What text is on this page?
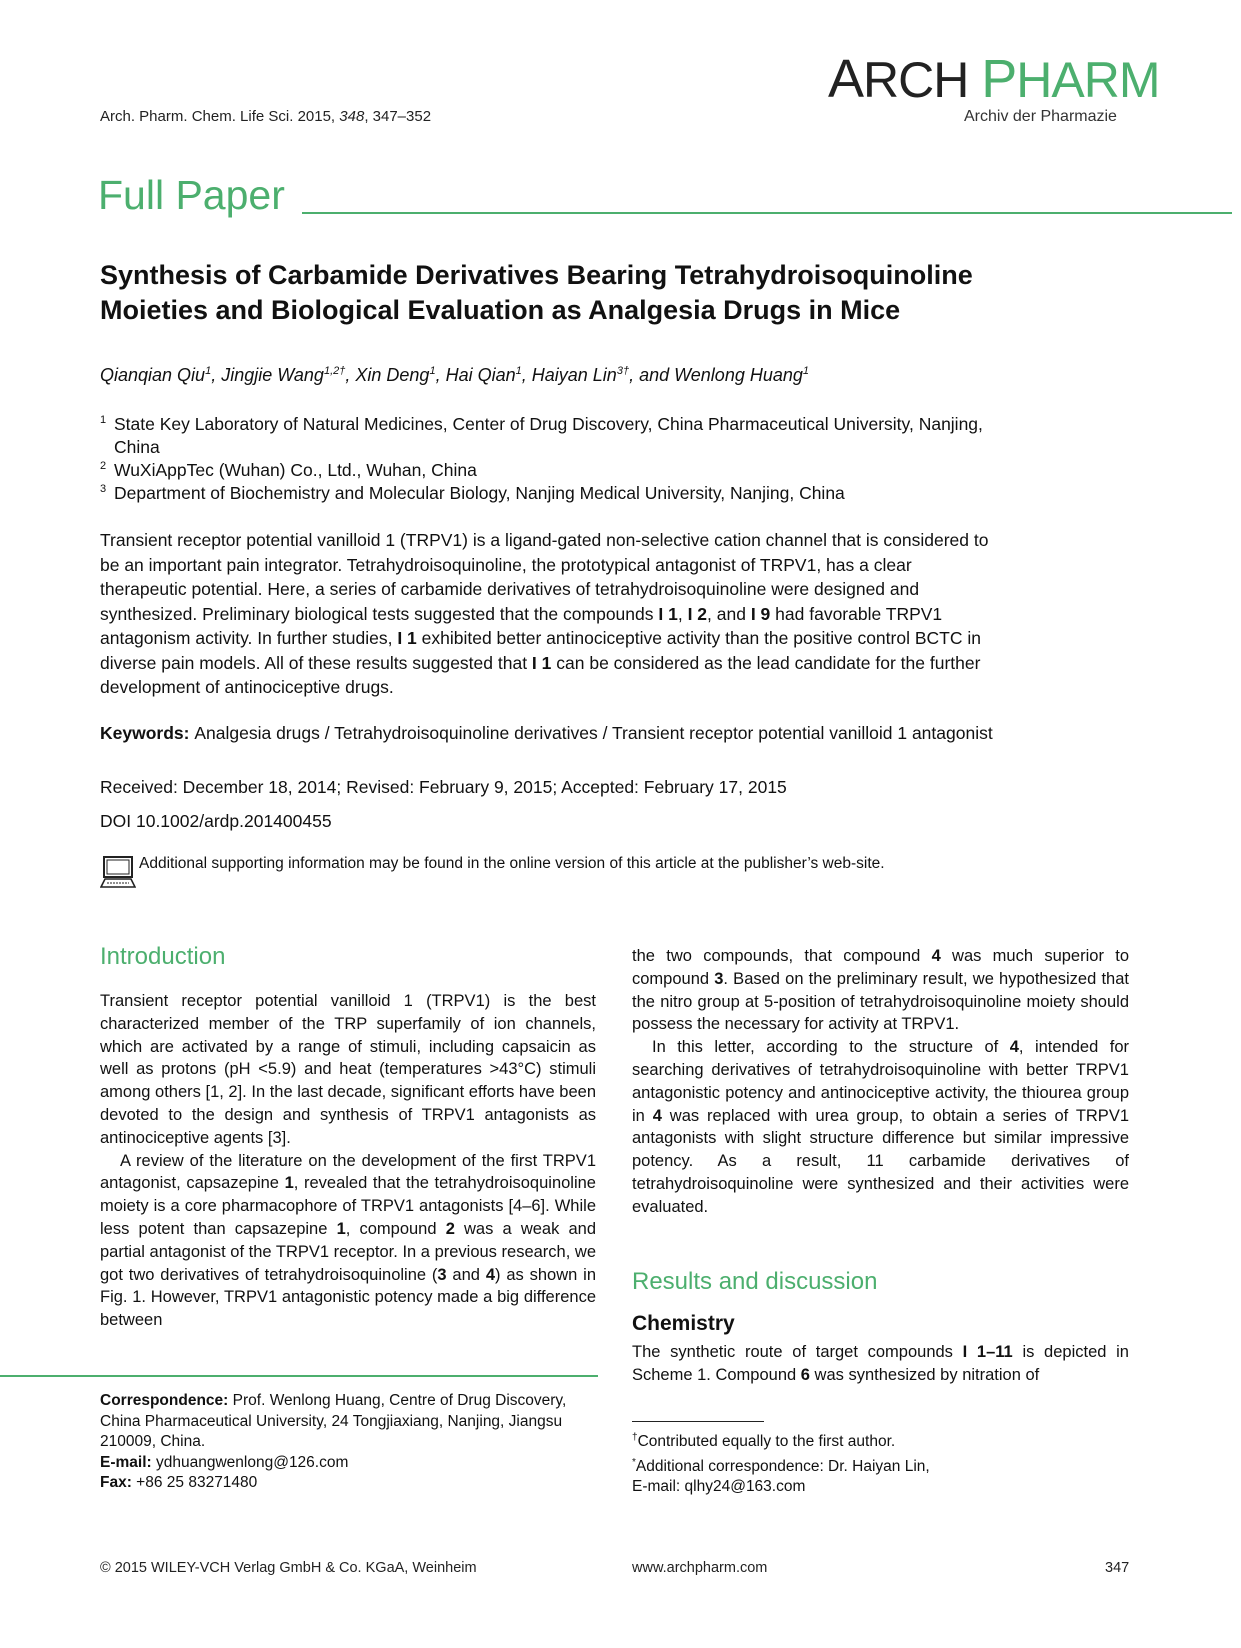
Arch. Pharm. Chem. Life Sci. 2015, 348, 347–352
ARCH PHARM
Archiv der Pharmazie
Full Paper
Synthesis of Carbamide Derivatives Bearing Tetrahydroisoquinoline Moieties and Biological Evaluation as Analgesia Drugs in Mice
Qianqian Qiu$^1$, Jingjie Wang$^{1,2\dagger}$, Xin Deng$^1$, Hai Qian$^1$, Haiyan Lin$^{3\dagger}$, and Wenlong Huang$^1$
1 State Key Laboratory of Natural Medicines, Center of Drug Discovery, China Pharmaceutical University, Nanjing, China
2 WuXiAppTec (Wuhan) Co., Ltd., Wuhan, China
3 Department of Biochemistry and Molecular Biology, Nanjing Medical University, Nanjing, China
Transient receptor potential vanilloid 1 (TRPV1) is a ligand-gated non-selective cation channel that is considered to be an important pain integrator. Tetrahydroisoquinoline, the prototypical antagonist of TRPV1, has a clear therapeutic potential. Here, a series of carbamide derivatives of tetrahydroisoquinoline were designed and synthesized. Preliminary biological tests suggested that the compounds I 1, I 2, and I 9 had favorable TRPV1 antagonism activity. In further studies, I 1 exhibited better antinociceptive activity than the positive control BCTC in diverse pain models. All of these results suggested that I 1 can be considered as the lead candidate for the further development of antinociceptive drugs.
Keywords: Analgesia drugs / Tetrahydroisoquinoline derivatives / Transient receptor potential vanilloid 1 antagonist
Received: December 18, 2014; Revised: February 9, 2015; Accepted: February 17, 2015
DOI 10.1002/ardp.201400455
Additional supporting information may be found in the online version of this article at the publisher’s web-site.
Introduction

Transient receptor potential vanilloid 1 (TRPV1) is the best characterized member of the TRP superfamily of ion channels, which are activated by a range of stimuli, including capsaicin as well as protons (pH <5.9) and heat (temperatures >43°C) stimuli among others [1, 2]. In the last decade, significant efforts have been devoted to the design and synthesis of TRPV1 antagonists as antinociceptive agents [3].

A review of the literature on the development of the first TRPV1 antagonist, capsazepine 1, revealed that the tetrahydroisoquinoline moiety is a core pharmacophore of TRPV1 antagonists [4–6]. While less potent than capsazepine 1, compound 2 was a weak and partial antagonist of the TRPV1 receptor. In a previous research, we got two derivatives of tetrahydroisoquinoline (3 and 4) as shown in Fig. 1. However, TRPV1 antagonistic potency made a big difference between

Correspondence: Prof. Wenlong Huang, Centre of Drug Discovery, China Pharmaceutical University, 24 Tongjiaxiang, Nanjing, Jiangsu 210009, China.
E-mail: ydhuangwenlong@126.com
Fax: +86 25 83271480

the two compounds, that compound 4 was much superior to compound 3. Based on the preliminary result, we hypothesized that the nitro group at 5-position of tetrahydroisoquinoline moiety should possess the necessary for activity at TRPV1.

In this letter, according to the structure of 4, intended for searching derivatives of tetrahydroisoquinoline with better TRPV1 antagonistic potency and antinociceptive activity, the thiourea group in 4 was replaced with urea group, to obtain a series of TRPV1 antagonists with slight structure difference but similar impressive potency. As a result, 11 carbamide derivatives of tetrahydroisoquinoline were synthesized and their activities were evaluated.

Results and discussion
Chemistry

The synthetic route of target compounds I 1–11 is depicted in Scheme 1. Compound 6 was synthesized by nitration of

†Contributed equally to the first author.
*Additional correspondence: Dr. Haiyan Lin,
E-mail: qlhy24@163.com
© 2015 WILEY-VCH Verlag GmbH & Co. KGaA, Weinheim	www.archpharm.com	347
